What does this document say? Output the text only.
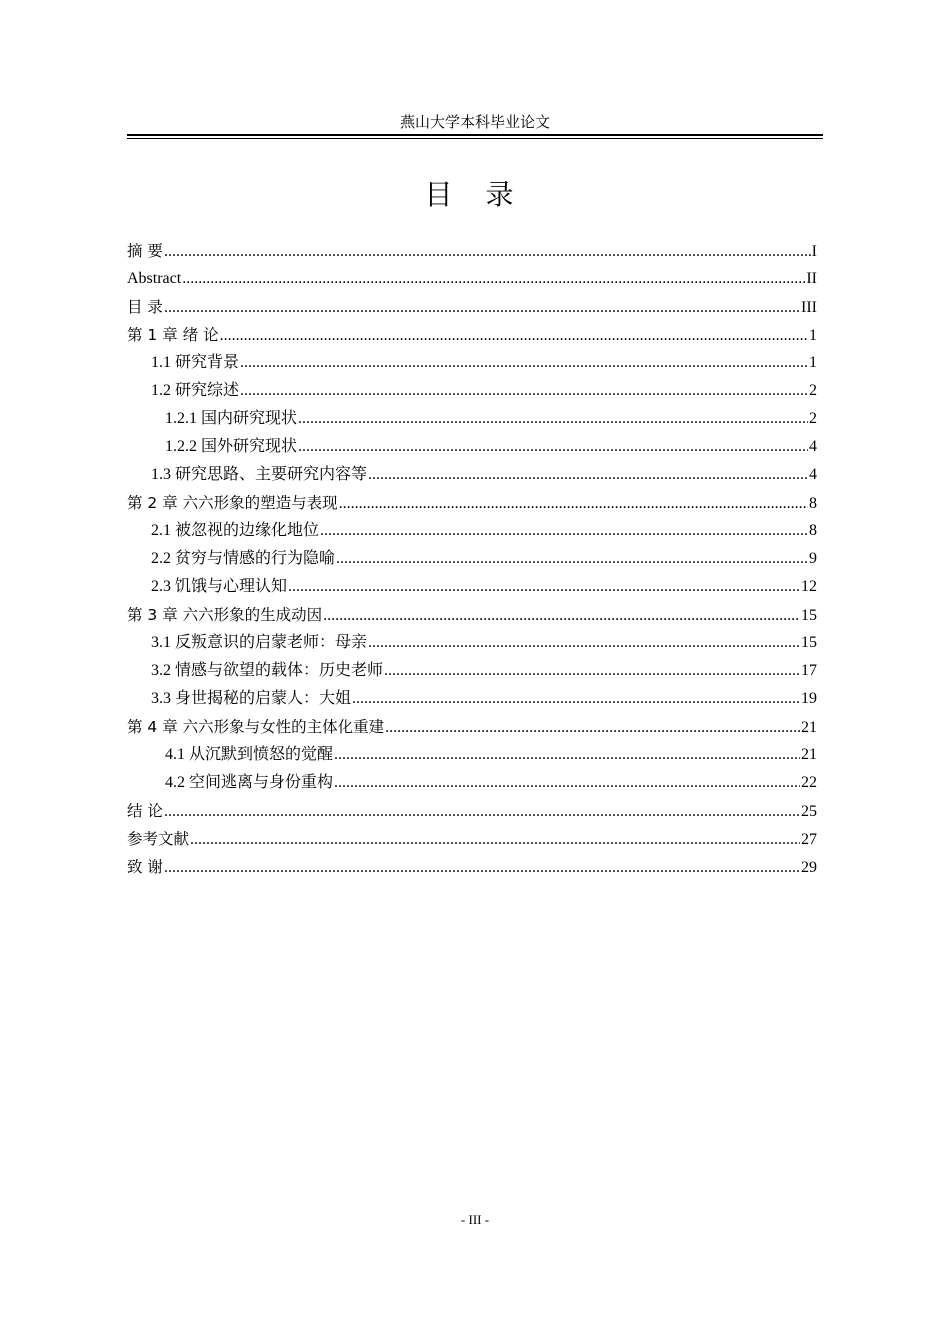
燕山大学本科毕业论文
目 录
摘 要 .....	I
Abstract .....	II
目 录 .....	III
第 1 章 绪 论 .....	1
1.1 研究背景 .....	1
1.2 研究综述 .....	2
1.2.1 国内研究现状 .....	2
1.2.2 国外研究现状 .....	4
1.3 研究思路、主要研究内容等 .....	4
第 2 章 六六形象的塑造与表现 .....	8
2.1 被忽视的边缘化地位 .....	8
2.2 贫穷与情感的行为隐喻 .....	9
2.3 饥饿与心理认知 .....	12
第 3 章 六六形象的生成动因 .....	15
3.1 反叛意识的启蒙老师：母亲 .....	15
3.2 情感与欲望的载体：历史老师 .....	17
3.3 身世揭秘的启蒙人：大姐 .....	19
第 4 章 六六形象与女性的主体化重建 .....	21
4.1 从沉默到愤怒的觉醒 .....	21
4.2 空间逃离与身份重构 .....	22
结 论 .....	25
参考文献 .....	27
致 谢 .....	29
- III -
